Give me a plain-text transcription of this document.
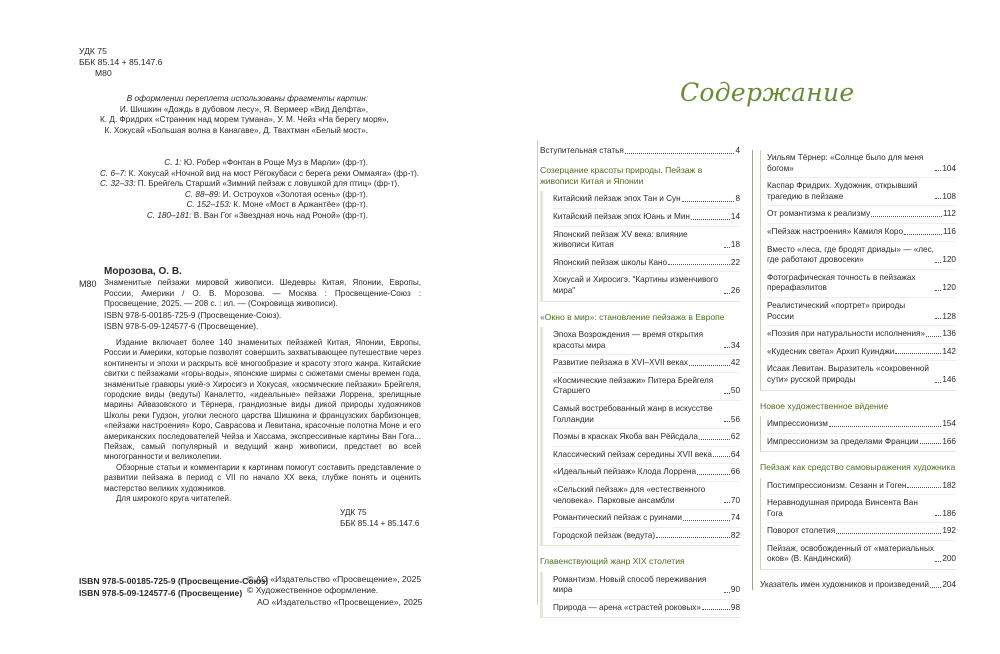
УДК 75
ББК 85.14 + 85.147.6
М80
В оформлении переплета использованы фрагменты картин:
И. Шишкин «Дождь в дубовом лесу», Я. Вермеер «Вид Делфта»,
К. Д. Фридрих «Странник над морем тумана», У. М. Чейз «На берегу моря»,
К. Хокусай «Большая волна в Канагаве», Д. Твахтман «Белый мост».
С. 1: Ю. Робер «Фонтан в Роще Муз в Марли» (фр-т).
С. 6–7: К. Хокусай «Ночной вид на мост Рёгокубаси с берега реки Оммаяга» (фр-т).
С. 32–33: П. Брейгель Старший «Зимний пейзаж с ловушкой для птиц» (фр-т).
С. 88–89: И. Остроухов «Золотая осень» (фр-т).
С. 152–153: К. Моне «Мост в Аржантёе» (фр-т).
С. 180–181: В. Ван Гог «Звездная ночь над Роной» (фр-т).
М80
Морозова, О. В.
Знаменитые пейзажи мировой живописи. Шедевры Китая, Японии, Европы, России, Америки / О. В. Морозова. — Москва : Просвещение-Союз : Просвещение, 2025. — 208 с. : ил. — (Сокровища живописи).
ISBN 978-5-00185-725-9 (Просвещение-Союз).
ISBN 978-5-09-124577-6 (Просвещение).

Издание включает более 140 знаменитых пейзажей Китая, Японии, Европы, России и Америки, которые позволят совершить захватывающее путешествие через континенты и эпохи и раскрыть всё многообразие и красоту этого жанра. Китайские свитки с пейзажами «горы-воды», японские ширмы с сюжетами смены времен года, знаменитые гравюры укиё-э Хиросигэ и Хокусая, «космические пейзажи» Брейгеля, городские виды (ведуты) Каналетто, «идеальные» пейзажи Лоррена, зрелищные марины Айвазовского и Тёрнера, грандиозные виды дикой природы художников Школы реки Гудзон, уголки лесного царства Шишкина и французских барбизонцев, «пейзажи настроения» Коро, Саврасова и Левитана, красочные полотна Моне и его американских последователей Чейза и Хассама, экспрессивные картины Ван Гога... Пейзаж, самый популярный и ведущий жанр живописи, предстает во всей многогранности и великолепии.

Обзорные статьи и комментарии к картинам помогут составить представление о развитии пейзажа в период с VII по начало XX века, глубже понять и оценить мастерство великих художников.

Для широкого круга читателей.

УДК 75
ББК 85.14 + 85.147.6
ISBN 978-5-00185-725-9 (Просвещение-Союз)
ISBN 978-5-09-124577-6 (Просвещение)
© АО «Издательство «Просвещение», 2025
© Художественное оформление.
АО «Издательство «Просвещение», 2025
Содержание
Вступительная статья	4
Созерцание красоты природы. Пейзаж в живописи Китая и Японии
Китайский пейзаж эпох Тан и Сун	8
Китайский пейзаж эпох Юань и Мин	14
Японский пейзаж XV века: влияние живописи Китая	18
Японский пейзаж школы Кано	22
Хокусай и Хиросигэ. "Картины изменчивого мира"	26
«Окно в мир»: становление пейзажа в Европе
Эпоха Возрождения — время открытия красоты мира	34
Развитие пейзажа в XVI–XVII веках	42
«Космические пейзажи» Питера Брейгеля Старшего	50
Самый востребованный жанр в искусстве Голландии	56
Поэмы в красках Якоба ван Рёйсдала	62
Классический пейзаж середины XVII века 64
«Идеальный пейзаж» Клода Лоррена	66
«Сельский пейзаж» для «естественного человека». Парковые ансамбли	70
Романтический пейзаж с руинами	74
Городской пейзаж (ведута)	82
Главенствующий жанр XIX столетия
Романтизм. Новый способ переживания мира	90
Природа — арена «страстей роковых»	98
Уильям Тёрнер: «Солнце было для меня богом»	104
Каспар Фридрих. Художник, открывший трагедию в пейзаже	108
От романтизма к реализму	112
«Пейзаж настроения» Камиля Коро	116
Вместо «леса, где бродят дриады» — «лес, где работают дровосеки»	120
Фотографическая точность в пейзажах прерафаэлитов	120
Реалистический «портрет» природы России	128
«Поэзия при натуральности исполнения» 136
«Кудесник света» Архип Куинджи	142
Исаак Левитан. Выразитель «сокровенной сути» русской природы	146
Новое художественное ви́дение
Импрессионизм	154
Импрессионизм за пределами Франции	166
Пейзаж как средство самовыражения художника
Постимпрессионизм. Сезанн и Гоген	182
Неравнодушная природа Винсента Ван Гога	186
Поворот столетия	192
Пейзаж, освобожденный от «материальных оков» (В. Кандинский)	200
Указатель имен художников и произведений 204
